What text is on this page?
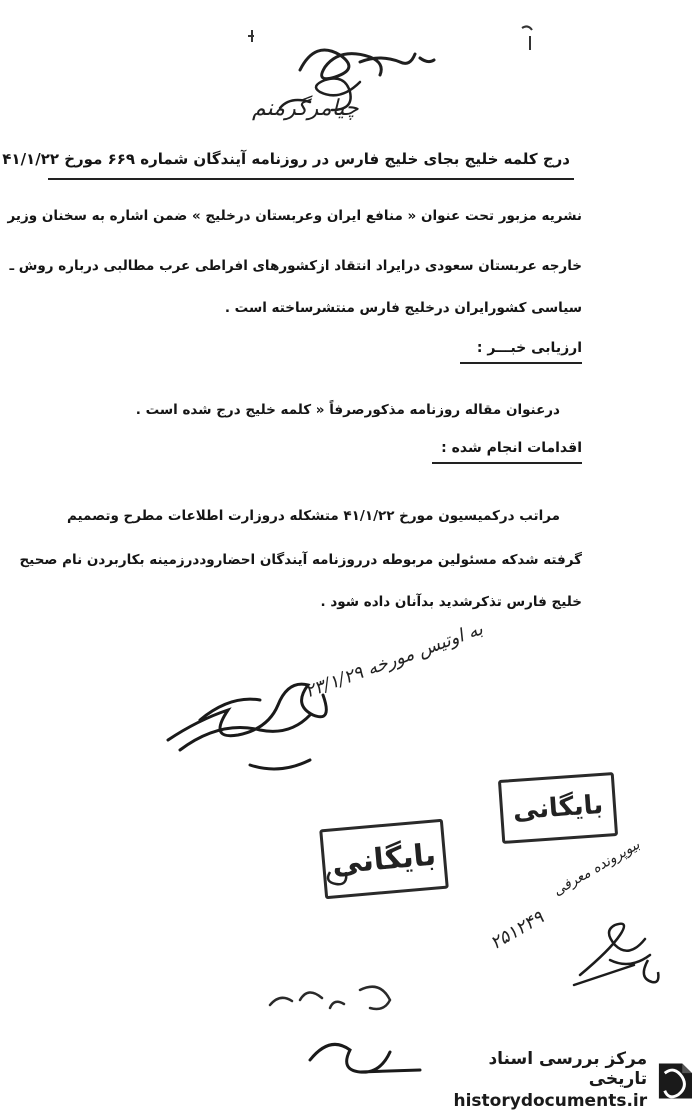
چیامرگرمنم
درج کلمه خلیج بجای خلیج فارس در روزنامه آیندگان شماره ۶۶۹ مورخ ۴۱/۱/۲۲
نشریه مزبور تحت عنوان « منافع ایران وعربستان درخلیج » ضمن اشاره به سخنان وزیر
خارجه عربستان سعودی درایراد انتقاد ازکشورهای افراطی عرب مطالبی درباره روش ـ
سیاسی کشورایران درخلیج فارس منتشرساخته است .
ارزیابی خبـــر :
درعنوان مقاله روزنامه مذکورصرفاً « کلمه خلیج درج شده است .
اقدامات انجام شده :
مراتب درکمیسیون مورخ ۴۱/۱/۲۲ متشکله دروزارت اطلاعات مطرح وتصمیم
گرفته شدکه مسئولین مربوطه درروزنامه آیندگان احضاروددرزمینه بکاربردن نام صحیح
خلیج فارس تذکرشدید بدآنان داده شود .
به اوتیس مورخه ۲۳/۱/۲۹
بایگانی
بایگانی
بیوپرونده معرفی
۲۵۱۲۴۹
مرکز بررسی اسناد تاریخی
historydocuments.ir
